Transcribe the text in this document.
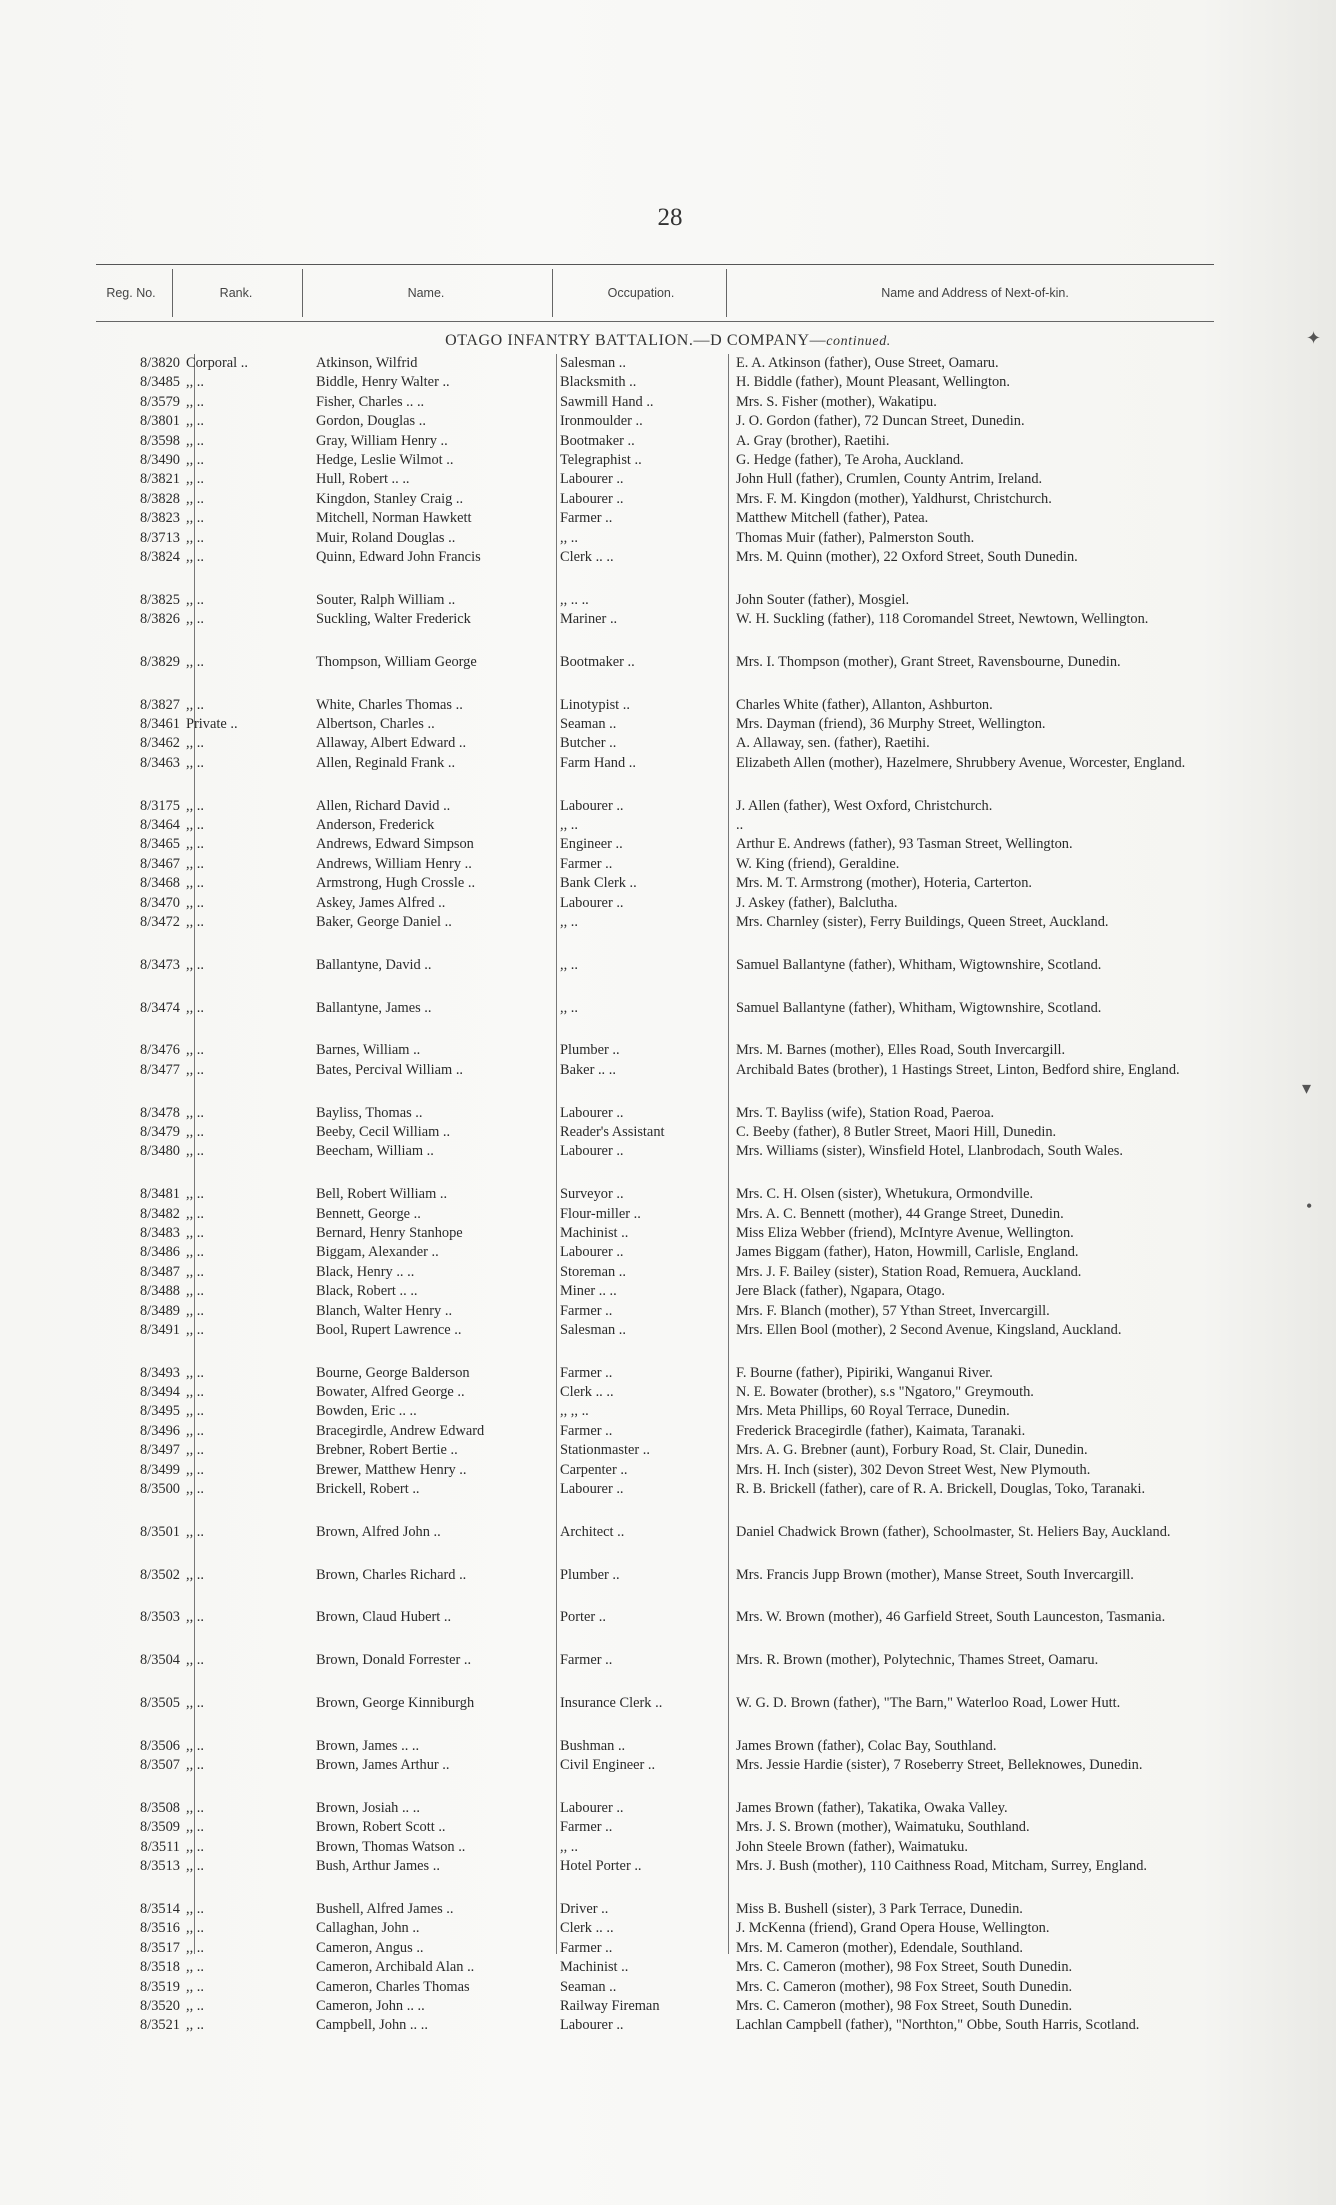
28
Reg. No.	Rank.	Name.	Occupation.	Name and Address of Next-of-kin.
OTAGO INFANTRY BATTALION.—D COMPANY—continued.
8/3820 Corporal ..	Atkinson, Wilfrid	Salesman ..	E. A. Atkinson (father), Ouse Street, Oamaru.
8/3485 ,, ..	Biddle, Henry Walter ..	Blacksmith ..	H. Biddle (father), Mount Pleasant, Wellington.
8/3579 ,, ..	Fisher, Charles .. ..	Sawmill Hand ..	Mrs. S. Fisher (mother), Wakatipu.
8/3801 ,, ..	Gordon, Douglas ..	Ironmoulder ..	J. O. Gordon (father), 72 Duncan Street, Dunedin.
8/3598 ,, ..	Gray, William Henry ..	Bootmaker ..	A. Gray (brother), Raetihi.
8/3490 ,, ..	Hedge, Leslie Wilmot ..	Telegraphist ..	G. Hedge (father), Te Aroha, Auckland.
8/3821 ,, ..	Hull, Robert .. ..	Labourer ..	John Hull (father), Crumlen, County Antrim, Ireland.
8/3828 ,, ..	Kingdon, Stanley Craig ..	Labourer ..	Mrs. F. M. Kingdon (mother), Yaldhurst, Christchurch.
8/3823 ,, ..	Mitchell, Norman Hawkett	Farmer ..	Matthew Mitchell (father), Patea.
8/3713 ,, ..	Muir, Roland Douglas ..	,, ..	Thomas Muir (father), Palmerston South.
8/3824 ,, ..	Quinn, Edward John Francis	Clerk .. ..	Mrs. M. Quinn (mother), 22 Oxford Street, South Dunedin.
8/3825 ,, ..	Souter, Ralph William ..	,, .. ..	John Souter (father), Mosgiel.
8/3826 ,, ..	Suckling, Walter Frederick	Mariner ..	W. H. Suckling (father), 118 Coromandel Street, Newtown, Wellington.
8/3829 ,, ..	Thompson, William George	Bootmaker ..	Mrs. I. Thompson (mother), Grant Street, Ravensbourne, Dunedin.
8/3827 ,, ..	White, Charles Thomas ..	Linotypist ..	Charles White (father), Allanton, Ashburton.
8/3461 Private ..	Albertson, Charles ..	Seaman ..	Mrs. Dayman (friend), 36 Murphy Street, Wellington.
8/3462 ,, ..	Allaway, Albert Edward ..	Butcher ..	A. Allaway, sen. (father), Raetihi.
8/3463 ,, ..	Allen, Reginald Frank ..	Farm Hand ..	Elizabeth Allen (mother), Hazelmere, Shrubbery Avenue, Worcester, England.
8/3175 ,, ..	Allen, Richard David ..	Labourer ..	J. Allen (father), West Oxford, Christchurch.
8/3464 ,, ..	Anderson, Frederick	,, ..	..
8/3465 ,, ..	Andrews, Edward Simpson	Engineer ..	Arthur E. Andrews (father), 93 Tasman Street, Wellington.
8/3467 ,, ..	Andrews, William Henry ..	Farmer ..	W. King (friend), Geraldine.
8/3468 ,, ..	Armstrong, Hugh Crossle ..	Bank Clerk ..	Mrs. M. T. Armstrong (mother), Hoteria, Carterton.
8/3470 ,, ..	Askey, James Alfred ..	Labourer ..	J. Askey (father), Balclutha.
8/3472 ,, ..	Baker, George Daniel ..	,, ..	Mrs. Charnley (sister), Ferry Buildings, Queen Street, Auckland.
8/3473 ,, ..	Ballantyne, David ..	,, ..	Samuel Ballantyne (father), Whitham, Wigtownshire, Scotland.
8/3474 ,, ..	Ballantyne, James ..	,, ..	Samuel Ballantyne (father), Whitham, Wigtownshire, Scotland.
8/3476 ,, ..	Barnes, William ..	Plumber ..	Mrs. M. Barnes (mother), Elles Road, South Invercargill.
8/3477 ,, ..	Bates, Percival William ..	Baker .. ..	Archibald Bates (brother), 1 Hastings Street, Linton, Bedford shire, England.
8/3478 ,, ..	Bayliss, Thomas ..	Labourer ..	Mrs. T. Bayliss (wife), Station Road, Paeroa.
8/3479 ,, ..	Beeby, Cecil William ..	Reader's Assistant	C. Beeby (father), 8 Butler Street, Maori Hill, Dunedin.
8/3480 ,, ..	Beecham, William ..	Labourer ..	Mrs. Williams (sister), Winsfield Hotel, Llanbrodach, South Wales.
8/3481 ,, ..	Bell, Robert William ..	Surveyor ..	Mrs. C. H. Olsen (sister), Whetukura, Ormondville.
8/3482 ,, ..	Bennett, George ..	Flour-miller ..	Mrs. A. C. Bennett (mother), 44 Grange Street, Dunedin.
8/3483 ,, ..	Bernard, Henry Stanhope	Machinist ..	Miss Eliza Webber (friend), McIntyre Avenue, Wellington.
8/3486 ,, ..	Biggam, Alexander ..	Labourer ..	James Biggam (father), Haton, Howmill, Carlisle, England.
8/3487 ,, ..	Black, Henry .. ..	Storeman ..	Mrs. J. F. Bailey (sister), Station Road, Remuera, Auckland.
8/3488 ,, ..	Black, Robert .. ..	Miner .. ..	Jere Black (father), Ngapara, Otago.
8/3489 ,, ..	Blanch, Walter Henry ..	Farmer ..	Mrs. F. Blanch (mother), 57 Ythan Street, Invercargill.
8/3491 ,, ..	Bool, Rupert Lawrence ..	Salesman ..	Mrs. Ellen Bool (mother), 2 Second Avenue, Kingsland, Auckland.
8/3493 ,, ..	Bourne, George Balderson	Farmer ..	F. Bourne (father), Pipiriki, Wanganui River.
8/3494 ,, ..	Bowater, Alfred George ..	Clerk .. ..	N. E. Bowater (brother), s.s "Ngatoro," Greymouth.
8/3495 ,, ..	Bowden, Eric .. ..	,, ,, ..	Mrs. Meta Phillips, 60 Royal Terrace, Dunedin.
8/3496 ,, ..	Bracegirdle, Andrew Edward	Farmer ..	Frederick Bracegirdle (father), Kaimata, Taranaki.
8/3497 ,, ..	Brebner, Robert Bertie ..	Stationmaster ..	Mrs. A. G. Brebner (aunt), Forbury Road, St. Clair, Dunedin.
8/3499 ,, ..	Brewer, Matthew Henry ..	Carpenter ..	Mrs. H. Inch (sister), 302 Devon Street West, New Plymouth.
8/3500 ,, ..	Brickell, Robert ..	Labourer ..	R. B. Brickell (father), care of R. A. Brickell, Douglas, Toko, Taranaki.
8/3501 ,, ..	Brown, Alfred John ..	Architect ..	Daniel Chadwick Brown (father), Schoolmaster, St. Heliers Bay, Auckland.
8/3502 ,, ..	Brown, Charles Richard ..	Plumber ..	Mrs. Francis Jupp Brown (mother), Manse Street, South Invercargill.
8/3503 ,, ..	Brown, Claud Hubert ..	Porter ..	Mrs. W. Brown (mother), 46 Garfield Street, South Launceston, Tasmania.
8/3504 ,, ..	Brown, Donald Forrester ..	Farmer ..	Mrs. R. Brown (mother), Polytechnic, Thames Street, Oamaru.
8/3505 ,, ..	Brown, George Kinniburgh	Insurance Clerk ..	W. G. D. Brown (father), "The Barn," Waterloo Road, Lower Hutt.
8/3506 ,, ..	Brown, James .. ..	Bushman ..	James Brown (father), Colac Bay, Southland.
8/3507 ,, ..	Brown, James Arthur ..	Civil Engineer ..	Mrs. Jessie Hardie (sister), 7 Roseberry Street, Belleknowes, Dunedin.
8/3508 ,, ..	Brown, Josiah .. ..	Labourer ..	James Brown (father), Takatika, Owaka Valley.
8/3509 ,, ..	Brown, Robert Scott ..	Farmer ..	Mrs. J. S. Brown (mother), Waimatuku, Southland.
8/3511 ,, ..	Brown, Thomas Watson ..	,, ..	John Steele Brown (father), Waimatuku.
8/3513 ,, ..	Bush, Arthur James ..	Hotel Porter ..	Mrs. J. Bush (mother), 110 Caithness Road, Mitcham, Surrey, England.
8/3514 ,, ..	Bushell, Alfred James ..	Driver ..	Miss B. Bushell (sister), 3 Park Terrace, Dunedin.
8/3516 ,, ..	Callaghan, John ..	Clerk .. ..	J. McKenna (friend), Grand Opera House, Wellington.
8/3517 ,, ..	Cameron, Angus ..	Farmer ..	Mrs. M. Cameron (mother), Edendale, Southland.
8/3518 ,, ..	Cameron, Archibald Alan ..	Machinist ..	Mrs. C. Cameron (mother), 98 Fox Street, South Dunedin.
8/3519 ,, ..	Cameron, Charles Thomas	Seaman ..	Mrs. C. Cameron (mother), 98 Fox Street, South Dunedin.
8/3520 ,, ..	Cameron, John .. ..	Railway Fireman	Mrs. C. Cameron (mother), 98 Fox Street, South Dunedin.
8/3521 ,, ..	Campbell, John .. ..	Labourer ..	Lachlan Campbell (father), "Northton," Obbe, South Harris, Scotland.
✦
▾
•
